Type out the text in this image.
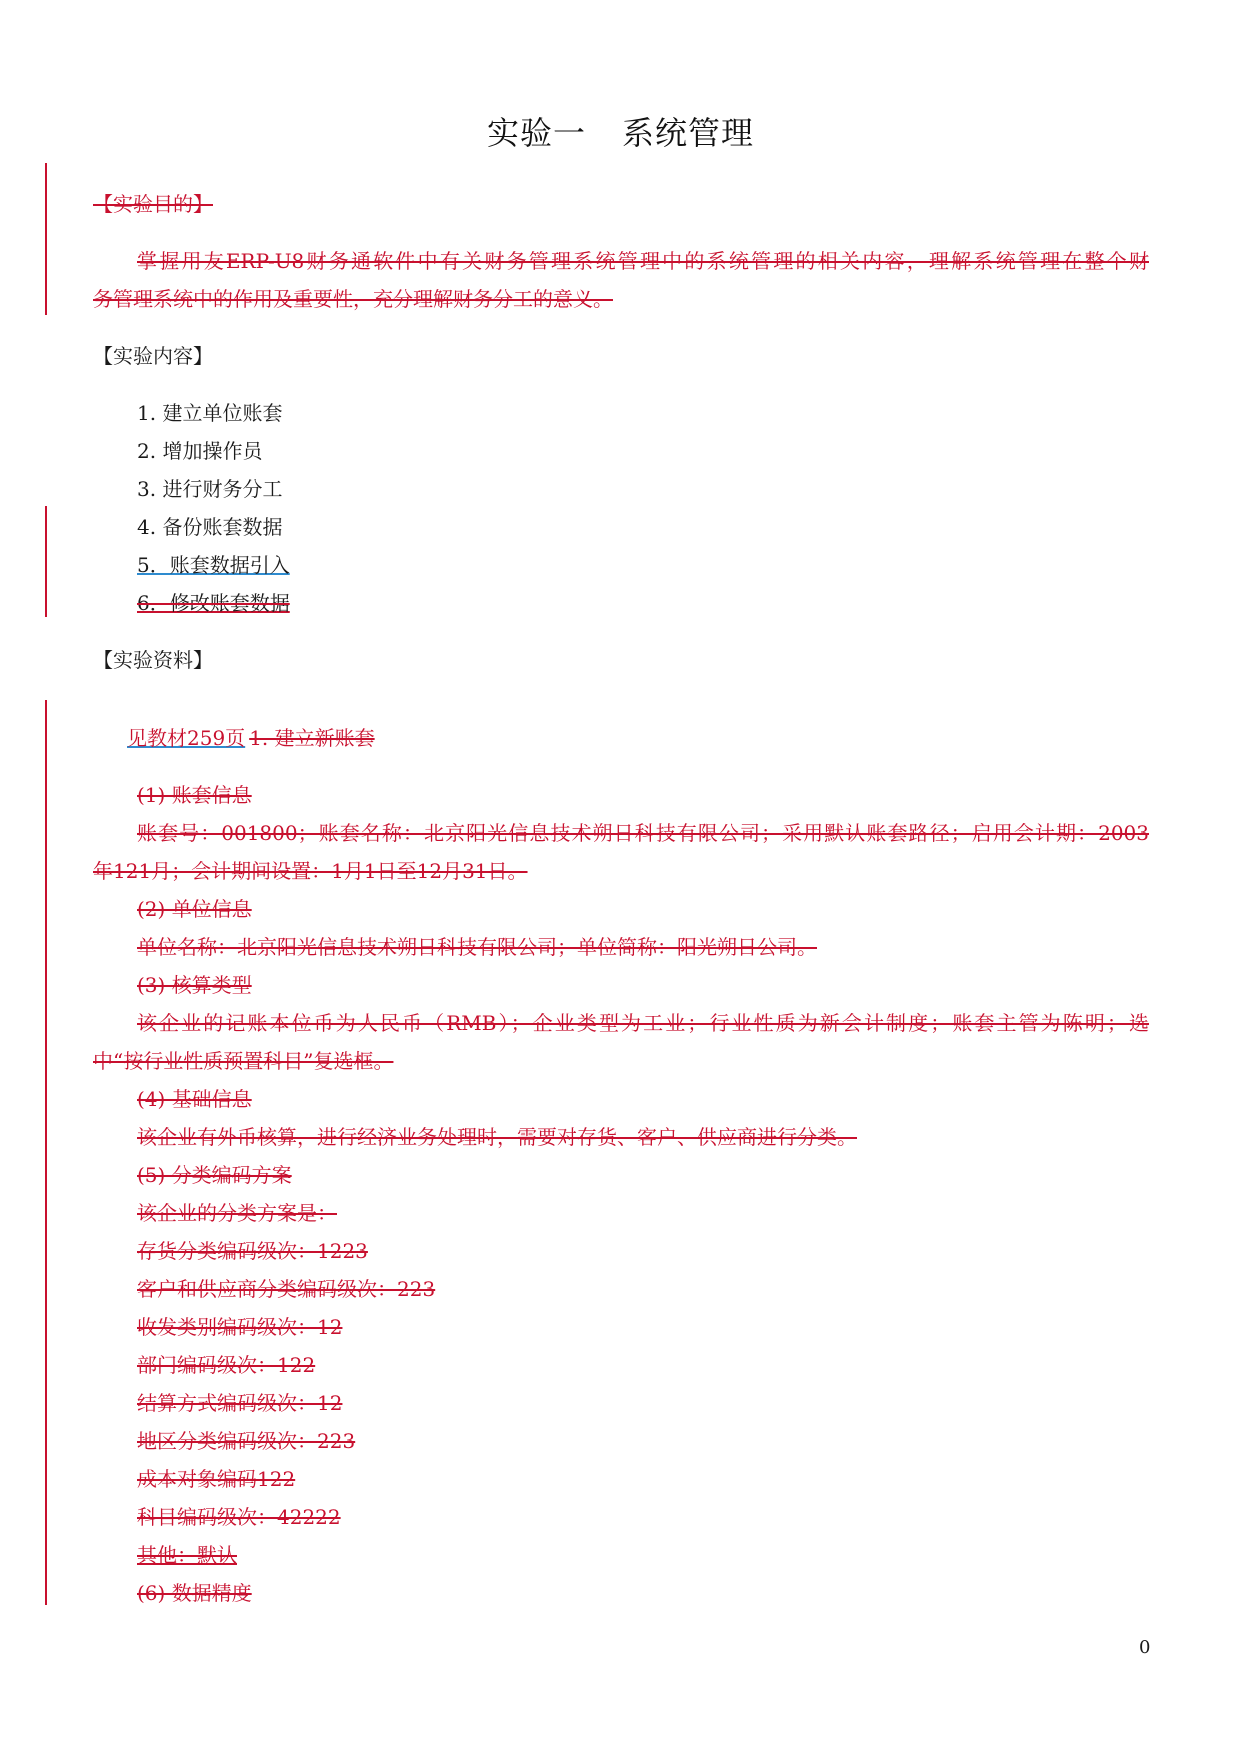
实验一 系统管理
【实验目的】
掌握用友ERP-U8财务通软件中有关财务管理系统管理中的系统管理的相关内容，理解系统管理在整个财
务管理系统中的作用及重要性，充分理解财务分工的意义。
【实验内容】
1. 建立单位账套
2. 增加操作员
3. 进行财务分工
4. 备份账套数据
5．账套数据引入
6．修改账套数据
【实验资料】
见教材259页 1. 建立新账套
(1) 账套信息
账套号：001800；账套名称：北京阳光信息技术朔日科技有限公司；采用默认账套路径；启用会计期：2003
年121月；会计期间设置：1月1日至12月31日。
(2) 单位信息
单位名称：北京阳光信息技术朔日科技有限公司；单位简称：阳光朔日公司。
(3) 核算类型
该企业的记账本位币为人民币（RMB）；企业类型为工业；行业性质为新会计制度；账套主管为陈明；选
中“按行业性质预置科目”复选框。
(4) 基础信息
该企业有外币核算，进行经济业务处理时，需要对存货、客户、供应商进行分类。
(5) 分类编码方案
该企业的分类方案是：
存货分类编码级次：1223
客户和供应商分类编码级次：223
收发类别编码级次：12
部门编码级次：122
结算方式编码级次：12
地区分类编码级次：223
成本对象编码122
科目编码级次：42222
其他：默认
(6) 数据精度
0
